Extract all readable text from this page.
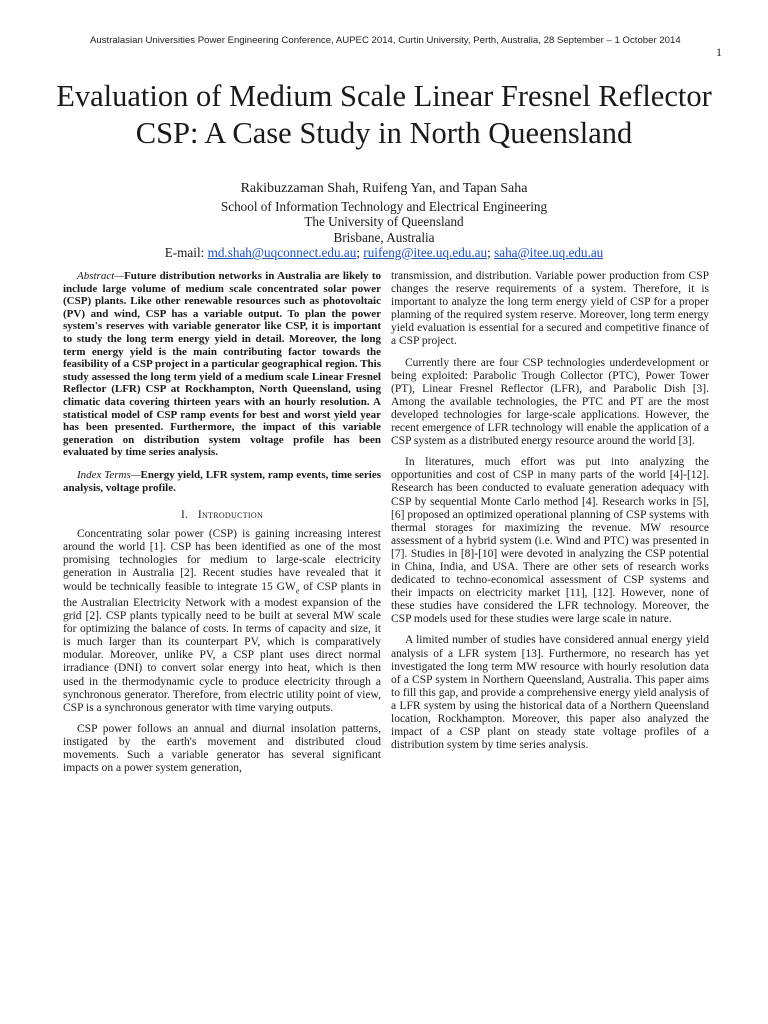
Australasian Universities Power Engineering Conference, AUPEC 2014, Curtin University, Perth, Australia, 28 September – 1 October 2014
1
Evaluation of Medium Scale Linear Fresnel Reflector
CSP: A Case Study in North Queensland
Rakibuzzaman Shah, Ruifeng Yan, and Tapan Saha
School of Information Technology and Electrical Engineering
The University of Queensland
Brisbane, Australia
E-mail: md.shah@uqconnect.edu.au; ruifeng@itee.uq.edu.au; saha@itee.uq.edu.au

Abstract—Future distribution networks in Australia are likely to include large volume of medium scale concentrated solar power (CSP) plants. Like other renewable resources such as photovoltaic (PV) and wind, CSP has a variable output. To plan the power system's reserves with variable generator like CSP, it is important to study the long term energy yield in detail. Moreover, the long term energy yield is the main contributing factor towards the feasibility of a CSP project in a particular geographical region. This study assessed the long term yield of a medium scale Linear Fresnel Reflector (LFR) CSP at Rockhampton, North Queensland, using climatic data covering thirteen years with an hourly resolution. A statistical model of CSP ramp events for best and worst yield year has been presented. Furthermore, the impact of this variable generation on distribution system voltage profile has been evaluated by time series analysis.

Index Terms—Energy yield, LFR system, ramp events, time series analysis, voltage profile.

I. Introduction

Concentrating solar power (CSP) is gaining increasing interest around the world [1]. CSP has been identified as one of the most promising technologies for medium to large-scale electricity generation in Australia [2]. Recent studies have revealed that it would be technically feasible to integrate 15 $GW_e$ of CSP plants in the Australian Electricity Network with a modest expansion of the grid [2]. CSP plants typically need to be built at several MW scale for optimizing the balance of costs. In terms of capacity and size, it is much larger than its counterpart PV, which is comparatively modular. Moreover, unlike PV, a CSP plant uses direct normal irradiance (DNI) to convert solar energy into heat, which is then used in the thermodynamic cycle to produce electricity through a synchronous generator. Therefore, from electric utility point of view, CSP is a synchronous generator with time varying outputs.

CSP power follows an annual and diurnal insolation patterns, instigated by the earth's movement and distributed cloud movements. Such a variable generator has several significant impacts on a power system generation,

transmission, and distribution. Variable power production from CSP changes the reserve requirements of a system. Therefore, it is important to analyze the long term energy yield of CSP for a proper planning of the required system reserve. Moreover, long term energy yield evaluation is essential for a secured and competitive finance of a CSP project.

Currently there are four CSP technologies underdevelopment or being exploited: Parabolic Trough Collector (PTC), Power Tower (PT), Linear Fresnel Reflector (LFR), and Parabolic Dish [3]. Among the available technologies, the PTC and PT are the most developed technologies for large-scale applications. However, the recent emergence of LFR technology will enable the application of a CSP system as a distributed energy resource around the world [3].

In literatures, much effort was put into analyzing the opportunities and cost of CSP in many parts of the world [4]-[12]. Research has been conducted to evaluate generation adequacy with CSP by sequential Monte Carlo method [4]. Research works in [5], [6] proposed an optimized operational planning of CSP systems with thermal storages for maximizing the revenue. MW resource assessment of a hybrid system (i.e. Wind and PTC) was presented in [7]. Studies in [8]-[10] were devoted in analyzing the CSP potential in China, India, and USA. There are other sets of research works dedicated to techno-economical assessment of CSP systems and their impacts on electricity market [11], [12]. However, none of these studies have considered the LFR technology. Moreover, the CSP models used for these studies were large scale in nature.

A limited number of studies have considered annual energy yield analysis of a LFR system [13]. Furthermore, no research has yet investigated the long term MW resource with hourly resolution data of a CSP system in Northern Queensland, Australia. This paper aims to fill this gap, and provide a comprehensive energy yield analysis of a LFR system by using the historical data of a Northern Queensland location, Rockhampton. Moreover, this paper also analyzed the impact of a CSP plant on steady state voltage profiles of a distribution system by time series analysis.
